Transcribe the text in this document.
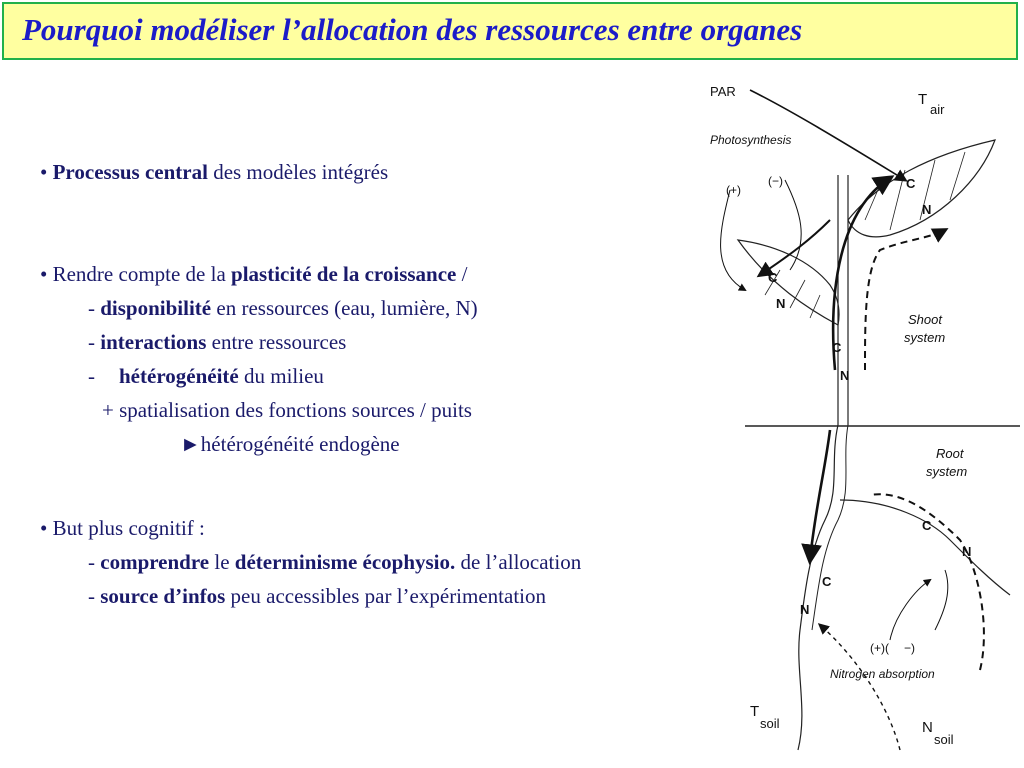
Pourquoi modéliser l’allocation des ressources entre organes
• Processus central des modèles intégrés
• Rendre compte de la plasticité de la croissance /
- disponibilité en ressources (eau, lumière, N)
- interactions entre ressources
- hétérogénéité du milieu
+ spatialisation des fonctions sources / puits
►hétérogénéité endogène
• But plus cognitif :
- comprendre le déterminisme écophysio. de l’allocation
- source d’infos peu accessibles par l’expérimentation
PAR	T
air
Photosynthesis
(+)
(−)	C
N
C
N
C
N
Shoot
system
Root
system
C
N
C
N
(+)( −)
Nitrogen absorption
T
soil	N
soil
